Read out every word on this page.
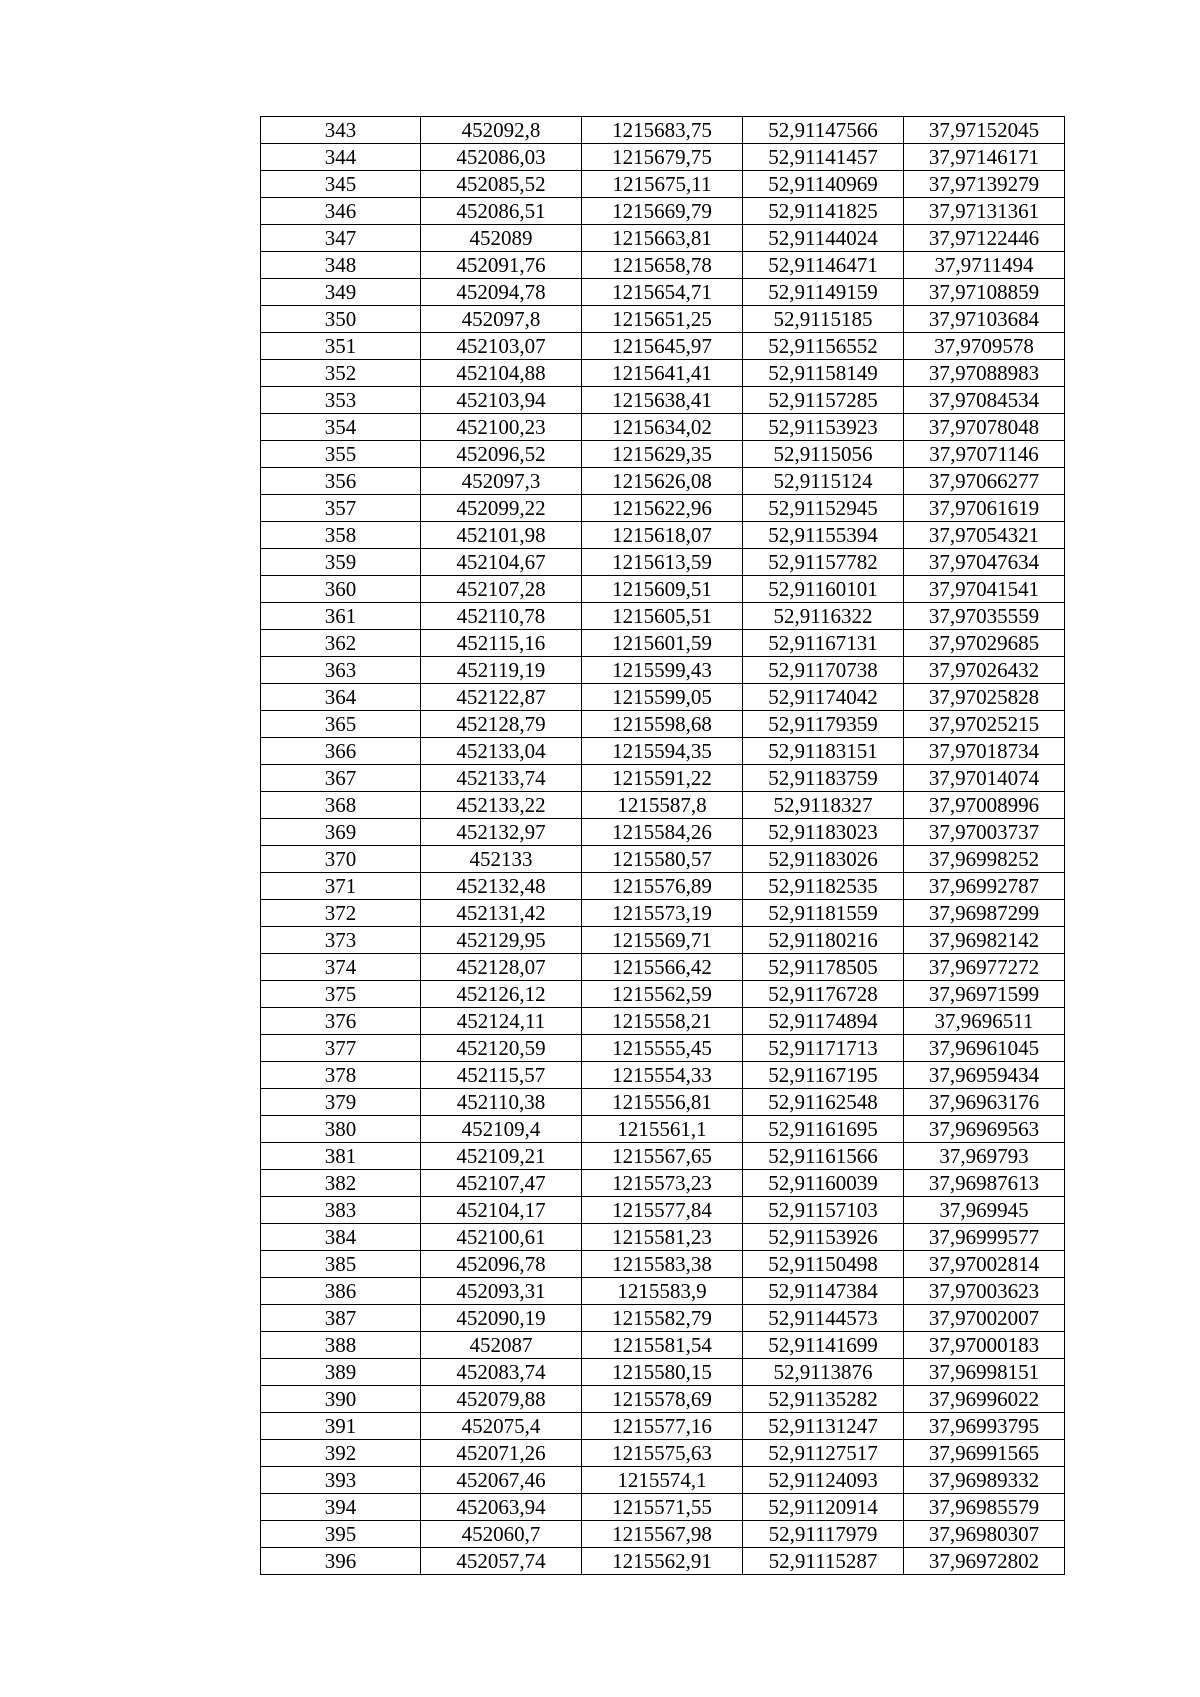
343	452092,8	1215683,75	52,91147566	37,97152045
344	452086,03	1215679,75	52,91141457	37,97146171
345	452085,52	1215675,11	52,91140969	37,97139279
346	452086,51	1215669,79	52,91141825	37,97131361
347	452089	1215663,81	52,91144024	37,97122446
348	452091,76	1215658,78	52,91146471	37,9711494
349	452094,78	1215654,71	52,91149159	37,97108859
350	452097,8	1215651,25	52,9115185	37,97103684
351	452103,07	1215645,97	52,91156552	37,9709578
352	452104,88	1215641,41	52,91158149	37,97088983
353	452103,94	1215638,41	52,91157285	37,97084534
354	452100,23	1215634,02	52,91153923	37,97078048
355	452096,52	1215629,35	52,9115056	37,97071146
356	452097,3	1215626,08	52,9115124	37,97066277
357	452099,22	1215622,96	52,91152945	37,97061619
358	452101,98	1215618,07	52,91155394	37,97054321
359	452104,67	1215613,59	52,91157782	37,97047634
360	452107,28	1215609,51	52,91160101	37,97041541
361	452110,78	1215605,51	52,9116322	37,97035559
362	452115,16	1215601,59	52,91167131	37,97029685
363	452119,19	1215599,43	52,91170738	37,97026432
364	452122,87	1215599,05	52,91174042	37,97025828
365	452128,79	1215598,68	52,91179359	37,97025215
366	452133,04	1215594,35	52,91183151	37,97018734
367	452133,74	1215591,22	52,91183759	37,97014074
368	452133,22	1215587,8	52,9118327	37,97008996
369	452132,97	1215584,26	52,91183023	37,97003737
370	452133	1215580,57	52,91183026	37,96998252
371	452132,48	1215576,89	52,91182535	37,96992787
372	452131,42	1215573,19	52,91181559	37,96987299
373	452129,95	1215569,71	52,91180216	37,96982142
374	452128,07	1215566,42	52,91178505	37,96977272
375	452126,12	1215562,59	52,91176728	37,96971599
376	452124,11	1215558,21	52,91174894	37,9696511
377	452120,59	1215555,45	52,91171713	37,96961045
378	452115,57	1215554,33	52,91167195	37,96959434
379	452110,38	1215556,81	52,91162548	37,96963176
380	452109,4	1215561,1	52,91161695	37,96969563
381	452109,21	1215567,65	52,91161566	37,969793
382	452107,47	1215573,23	52,91160039	37,96987613
383	452104,17	1215577,84	52,91157103	37,969945
384	452100,61	1215581,23	52,91153926	37,96999577
385	452096,78	1215583,38	52,91150498	37,97002814
386	452093,31	1215583,9	52,91147384	37,97003623
387	452090,19	1215582,79	52,91144573	37,97002007
388	452087	1215581,54	52,91141699	37,97000183
389	452083,74	1215580,15	52,9113876	37,96998151
390	452079,88	1215578,69	52,91135282	37,96996022
391	452075,4	1215577,16	52,91131247	37,96993795
392	452071,26	1215575,63	52,91127517	37,96991565
393	452067,46	1215574,1	52,91124093	37,96989332
394	452063,94	1215571,55	52,91120914	37,96985579
395	452060,7	1215567,98	52,91117979	37,96980307
396	452057,74	1215562,91	52,91115287	37,96972802
